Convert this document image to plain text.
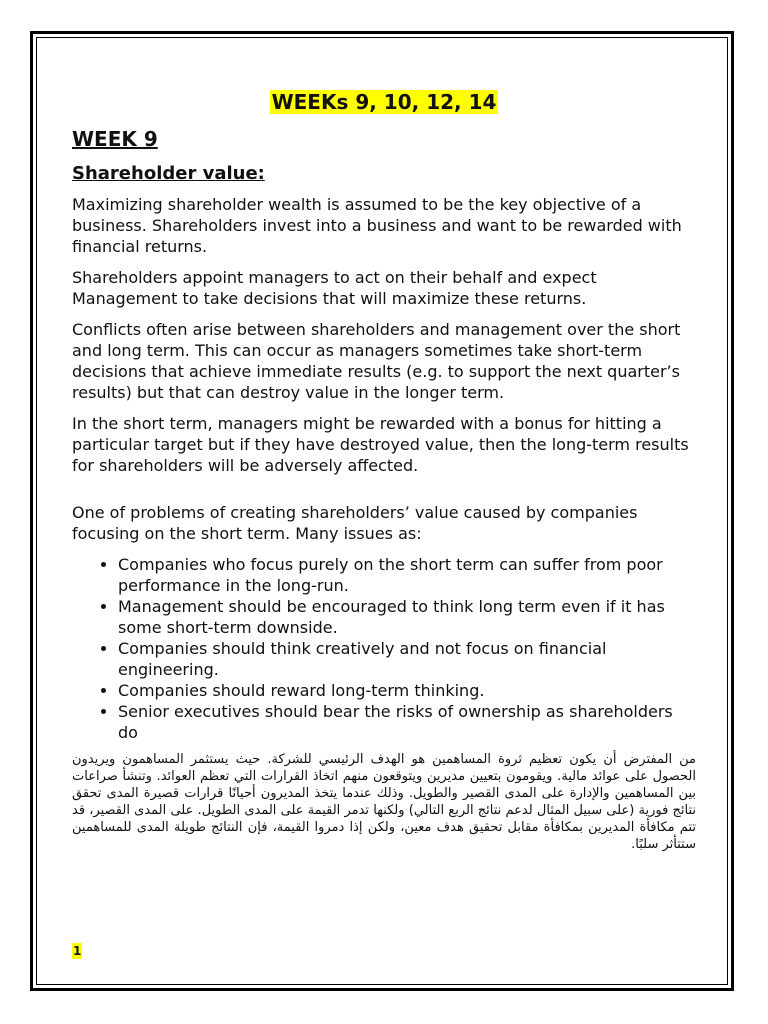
WEEKs 9, 10, 12, 14
WEEK 9
Shareholder value:

Maximizing shareholder wealth is assumed to be the key objective of a business. Shareholders invest into a business and want to be rewarded with financial returns.

Shareholders appoint managers to act on their behalf and expect Management to take decisions that will maximize these returns.

Conflicts often arise between shareholders and management over the short and long term. This can occur as managers sometimes take short-term decisions that achieve immediate results (e.g. to support the next quarter’s results) but that can destroy value in the longer term.

In the short term, managers might be rewarded with a bonus for hitting a particular target but if they have destroyed value, then the long-term results for shareholders will be adversely affected.

One of problems of creating shareholders’ value caused by companies focusing on the short term. Many issues as:

• Companies who focus purely on the short term can suffer from poor performance in the long-run.
• Management should be encouraged to think long term even if it has some short-term downside.
• Companies should think creatively and not focus on financial engineering.
• Companies should reward long-term thinking.
• Senior executives should bear the risks of ownership as shareholders do

من المفترض أن يكون تعظيم ثروة المساهمين هو الهدف الرئيسي للشركة. حيث يستثمر المساهمون ويريدون الحصول على عوائد مالية. ويقومون بتعيين مديرين ويتوقعون منهم اتخاذ القرارات التي تعظم العوائد. وتنشأ صراعات بين المساهمين والإدارة على المدى القصير والطويل. وذلك عندما يتخذ المديرون أحيانًا قرارات قصيرة المدى تحقق نتائج فورية (على سبيل المثال لدعم نتائج الربع التالي) ولكنها تدمر القيمة على المدى الطويل. على المدى القصير، قد تتم مكافأة المديرين بمكافأة مقابل تحقيق هدف معين، ولكن إذا دمروا القيمة، فإن النتائج طويلة المدى للمساهمين ستتأثر سلبًا.

1
